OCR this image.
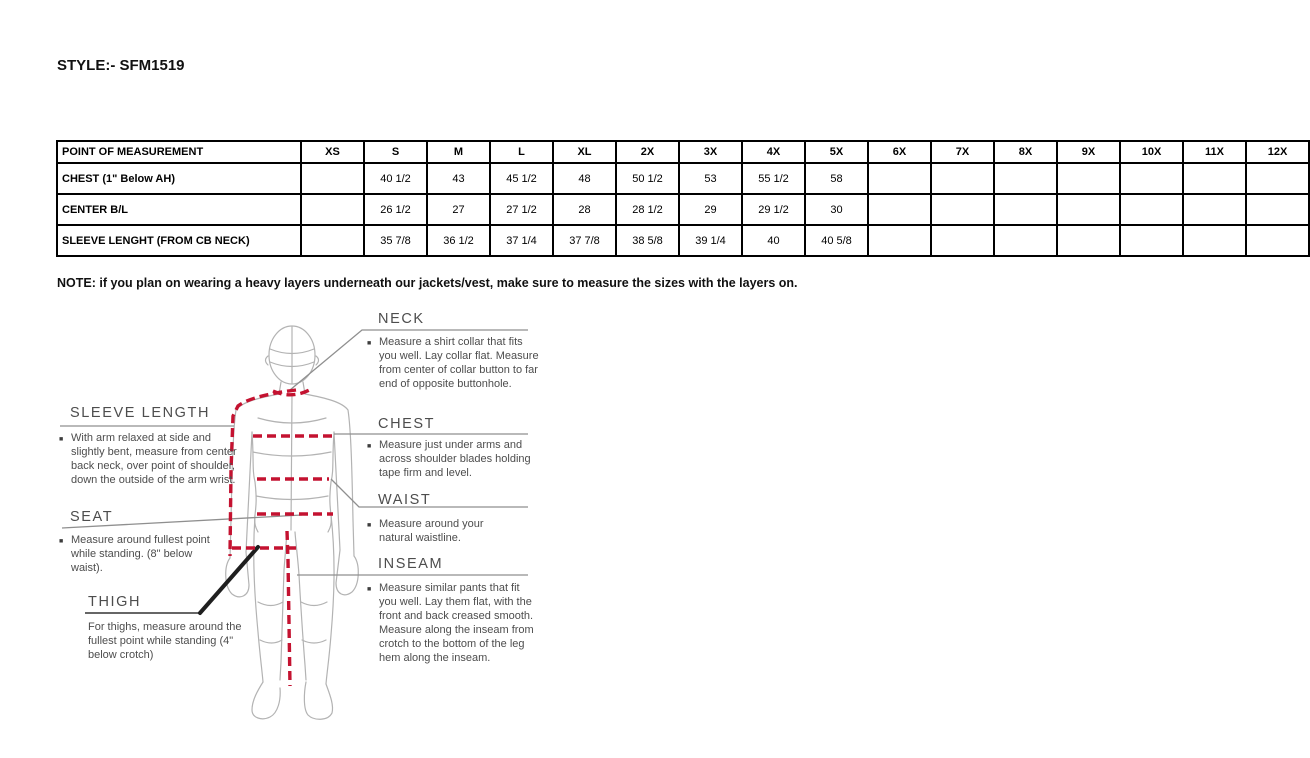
STYLE:- SFM1519
POINT OF MEASUREMENT	XS	S	M	L	XL	2X	3X	4X	5X	6X	7X	8X	9X	10X	11X	12X
CHEST (1" Below AH)		40 1/2	43	45 1/2	48	50 1/2	53	55 1/2	58							
CENTER B/L		26 1/2	27	27 1/2	28	28 1/2	29	29 1/2	30							
SLEEVE LENGHT (FROM CB NECK)		35 7/8	36 1/2	37 1/4	37 7/8	38 5/8	39 1/4	40	40 5/8							
NOTE: if you plan on wearing a heavy layers underneath our jackets/vest, make sure to measure the sizes with the layers on.
NECK
■ Measure a shirt collar that fits you well. Lay collar flat. Measure from center of collar button to far end of opposite buttonhole.
SLEEVE LENGTH
■ With arm relaxed at side and slightly bent, measure from center back neck, over point of shoulder, down the outside of the arm wrist.
CHEST
■ Measure just under arms and across shoulder blades holding tape firm and level.
WAIST
■ Measure around your natural waistline.
SEAT
■ Measure around fullest point while standing. (8" below waist).	INSEAM
■ Measure similar pants that fit you well. Lay them flat, with the front and back creased smooth. Measure along the inseam from crotch to the bottom of the leg hem along the inseam.
THIGH
For thighs, measure around the fullest point while standing (4" below crotch)
